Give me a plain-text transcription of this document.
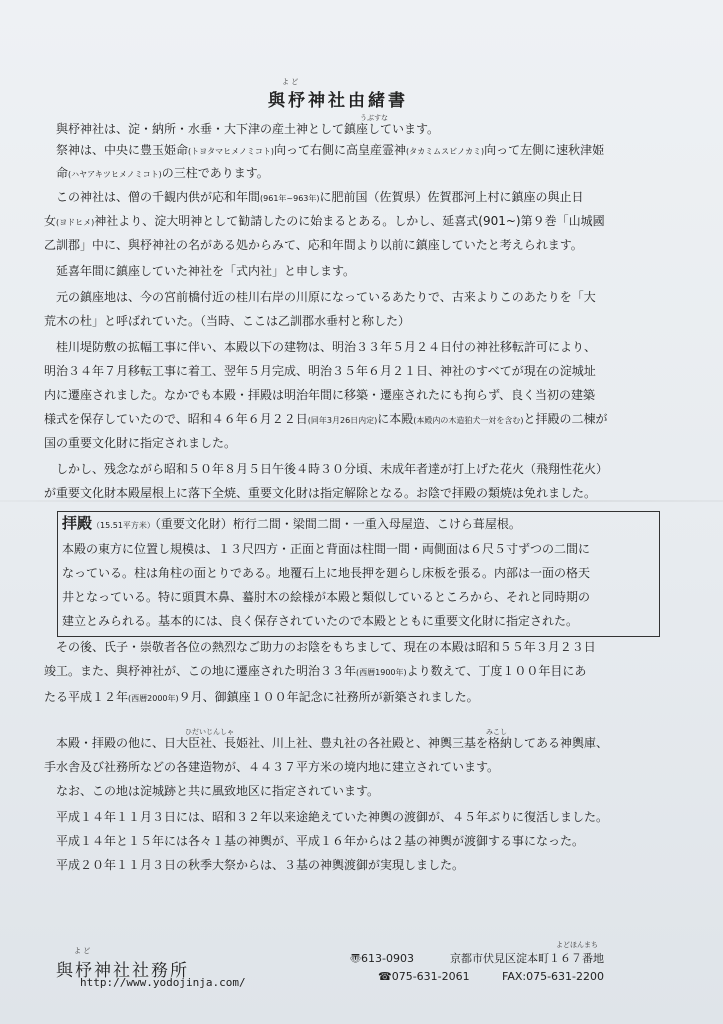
よ ど
與杼神社由緒書
うぶすな
與杼神社は、淀・納所・水垂・大下津の産土神として鎮座しています。
祭神は、中央に豊玉姫命(トヨタマヒメノミコト)向って右側に高皇産霊神(タカミムスビノカミ)向って左側に速秋津姫
命(ハヤアキツヒメノミコト)の三柱であります。
この神社は、僧の千観内供が応和年間(961年~963年)に肥前国（佐賀県）佐賀郡河上村に鎮座の與止日
女(ヨドヒメ)神社より、淀大明神として勧請したのに始まるとある。しかし、延喜式(901~)第９巻「山城國
乙訓郡」中に、與杼神社の名がある処からみて、応和年間より以前に鎮座していたと考えられます。
延喜年間に鎮座していた神社を「式内社」と申します。
元の鎮座地は、今の宮前橋付近の桂川右岸の川原になっているあたりで、古来よりこのあたりを「大
荒木の杜」と呼ばれていた。（当時、ここは乙訓郡水垂村と称した）
桂川堤防敷の拡幅工事に伴い、本殿以下の建物は、明治３３年５月２４日付の神社移転許可により、
明治３４年７月移転工事に着工、翌年５月完成、明治３５年６月２１日、神社のすべてが現在の淀城址
内に遷座されました。なかでも本殿・拝殿は明治年間に移築・遷座されたにも拘らず、良く当初の建築
様式を保存していたので、昭和４６年６月２２日(同年3月26日内定)に本殿(本殿内の木造狛犬一対を含む)と拝殿の二棟が
国の重要文化財に指定されました。
しかし、残念ながら昭和５０年８月５日午後４時３０分頃、未成年者達が打上げた花火（飛翔性花火）
が重要文化財本殿屋根上に落下全焼、重要文化財は指定解除となる。お陰で拝殿の類焼は免れました。
拝殿（15.51平方米）（重要文化財）桁行二間・梁間二間・一重入母屋造、こけら葺屋根。
本殿の東方に位置し規模は、１３尺四方・正面と背面は柱間一間・両側面は６尺５寸ずつの二間に
なっている。柱は角柱の面とりである。地覆石上に地長押を廻らし床板を張る。内部は一面の格天
井となっている。特に頭貫木鼻、蟇肘木の絵様が本殿と類似しているところから、それと同時期の
建立とみられる。基本的には、良く保存されていたので本殿とともに重要文化財に指定された。
その後、氏子・崇敬者各位の熱烈なご助力のお陰をもちまして、現在の本殿は昭和５５年３月２３日
竣工。また、與杼神社が、この地に遷座された明治３３年(西暦1900年)より数えて、丁度１００年目にあ
たる平成１２年(西暦2000年)９月、御鎮座１００年記念に社務所が新築されました。
ひだいじんしゃ	みこし
本殿・拝殿の他に、日大臣社、長姫社、川上社、豊丸社の各社殿と、神輿三基を格納してある神輿庫、
手水舎及び社務所などの各建造物が、４４３７平方米の境内地に建立されています。
なお、この地は淀城跡と共に風致地区に指定されています。
平成１４年１１月３日には、昭和３２年以来途絶えていた神輿の渡御が、４５年ぶりに復活しました。
平成１４年と１５年には各々１基の神輿が、平成１６年からは２基の神輿が渡御する事になった。
平成２０年１１月３日の秋季大祭からは、３基の神輿渡御が実現しました。
よ ど
與杼神社社務所
http://www.yodojinja.com/
よどほんまち
〠613-0903	京都市伏見区淀本町１６７番地
☎075-631-2061	FAX:075-631-2200
